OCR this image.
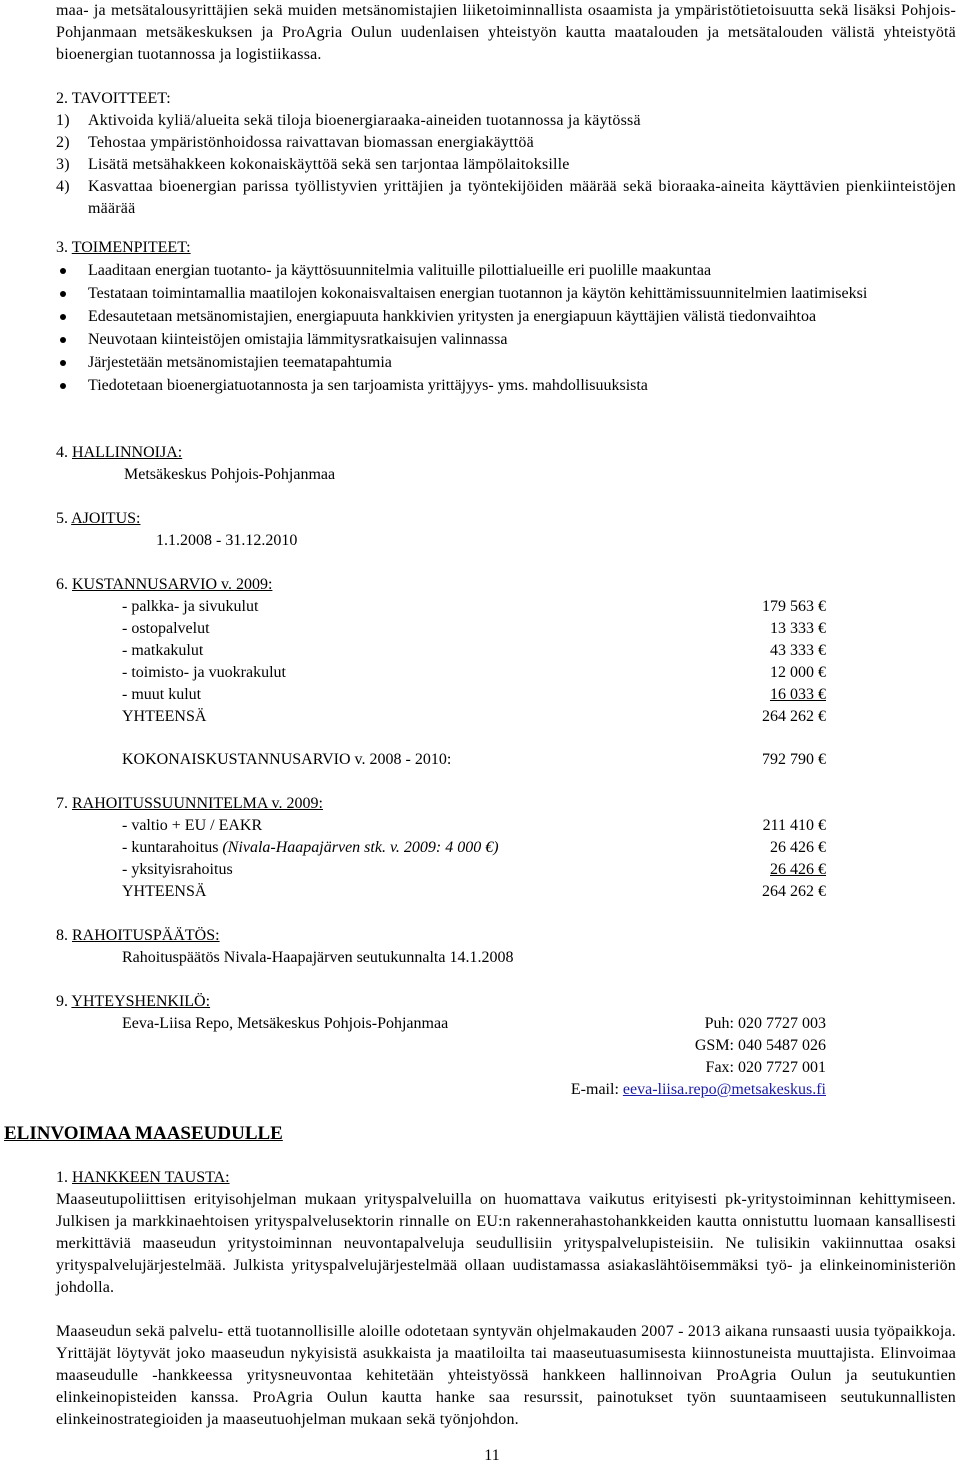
maa- ja metsätalousyrittäjien sekä muiden metsänomistajien liiketoiminnallista osaamista ja ympäristötietoisuutta sekä lisäksi Pohjois-Pohjanmaan metsäkeskuksen ja ProAgria Oulun uudenlaisen yhteistyön kautta maatalouden ja metsätalouden välistä yhteistyötä bioenergian tuotannossa ja logistiikassa.

2. TAVOITTEET:
1) Aktivoida kyliä/alueita sekä tiloja bioenergiaraaka-aineiden tuotannossa ja käytössä
2) Tehostaa ympäristönhoidossa raivattavan biomassan energiakäyttöä
3) Lisätä metsähakkeen kokonaiskäyttöä sekä sen tarjontaa lämpölaitoksille
4) Kasvattaa bioenergian parissa työllistyvien yrittäjien ja työntekijöiden määrää sekä bioraaka-aineita käyttävien pienkiinteistöjen määrää
3. TOIMENPITEET:
Laaditaan energian tuotanto- ja käyttösuunnitelmia valituille pilottialueille eri puolille maakuntaa
Testataan toimintamallia maatilojen kokonaisvaltaisen energian tuotannon ja käytön kehittämissuunnitelmien laatimiseksi
Edesautetaan metsänomistajien, energiapuuta hankkivien yritysten ja energiapuun käyttäjien välistä tiedonvaihtoa
Neuvotaan kiinteistöjen omistajia lämmitysratkaisujen valinnassa
Järjestetään metsänomistajien teematapahtumia
Tiedotetaan bioenergiatuotannosta ja sen tarjoamista yrittäjyys- yms. mahdollisuuksista
4. HALLINNOIJA:
Metsäkeskus Pohjois-Pohjanmaa
5. AJOITUS:
1.1.2008 - 31.12.2010
6. KUSTANNUSARVIO v. 2009:
- palkka- ja sivukulut	179 563 €
- ostopalvelut	13 333 €
- matkakulut	43 333 €
- toimisto- ja vuokrakulut	12 000 €
- muut kulut	16 033 €
YHTEENSÄ	264 262 €
KOKONAISKUSTANNUSARVIO v. 2008 - 2010:	792 790 €
7. RAHOITUSSUUNNITELMA v. 2009:
- valtio + EU / EAKR	211 410 €
- kuntarahoitus (Nivala-Haapajärven stk. v. 2009: 4 000 €)	26 426 €
- yksityisrahoitus	26 426 €
YHTEENSÄ	264 262 €
8. RAHOITUSPÄÄTÖS:
Rahoituspäätös Nivala-Haapajärven seutukunnalta 14.1.2008
9. YHTEYSHENKILÖ:
Eeva-Liisa Repo, Metsäkeskus Pohjois-Pohjanmaa	Puh: 020 7727 003
GSM: 040 5487 026
Fax: 020 7727 001
E-mail: eeva-liisa.repo@metsakeskus.fi
ELINVOIMAA MAASEUDULLE
1. HANKKEEN TAUSTA:

Maaseutupoliittisen erityisohjelman mukaan yrityspalveluilla on huomattava vaikutus erityisesti pk-yritystoiminnan kehittymiseen. Julkisen ja markkinaehtoisen yrityspalvelusektorin rinnalle on EU:n rakennerahastohankkeiden kautta onnistuttu luomaan kansallisesti merkittäviä maaseudun yritystoiminnan neuvontapalveluja seudullisiin yrityspalvelupisteisiin. Ne tulisikin vakiinnuttaa osaksi yrityspalvelujärjestelmää. Julkista yrityspalvelujärjestelmää ollaan uudistamassa asiakaslähtöisemmäksi työ- ja elinkeinoministeriön johdolla.

Maaseudun sekä palvelu- että tuotannollisille aloille odotetaan syntyvän ohjelmakauden 2007 - 2013 aikana runsaasti uusia työpaikkoja. Yrittäjät löytyvät joko maaseudun nykyisistä asukkaista ja maatiloilta tai maaseutuasumisesta kiinnostuneista muuttajista. Elinvoimaa maaseudulle -hankkeessa yritysneuvontaa kehitetään yhteistyössä hankkeen hallinnoivan ProAgria Oulun ja seutukuntien elinkeinopisteiden kanssa. ProAgria Oulun kautta hanke saa resurssit, painotukset työn suuntaamiseen seutukunnallisten elinkeinostrategioiden ja maaseutuohjelman mukaan sekä työnjohdon.

11
